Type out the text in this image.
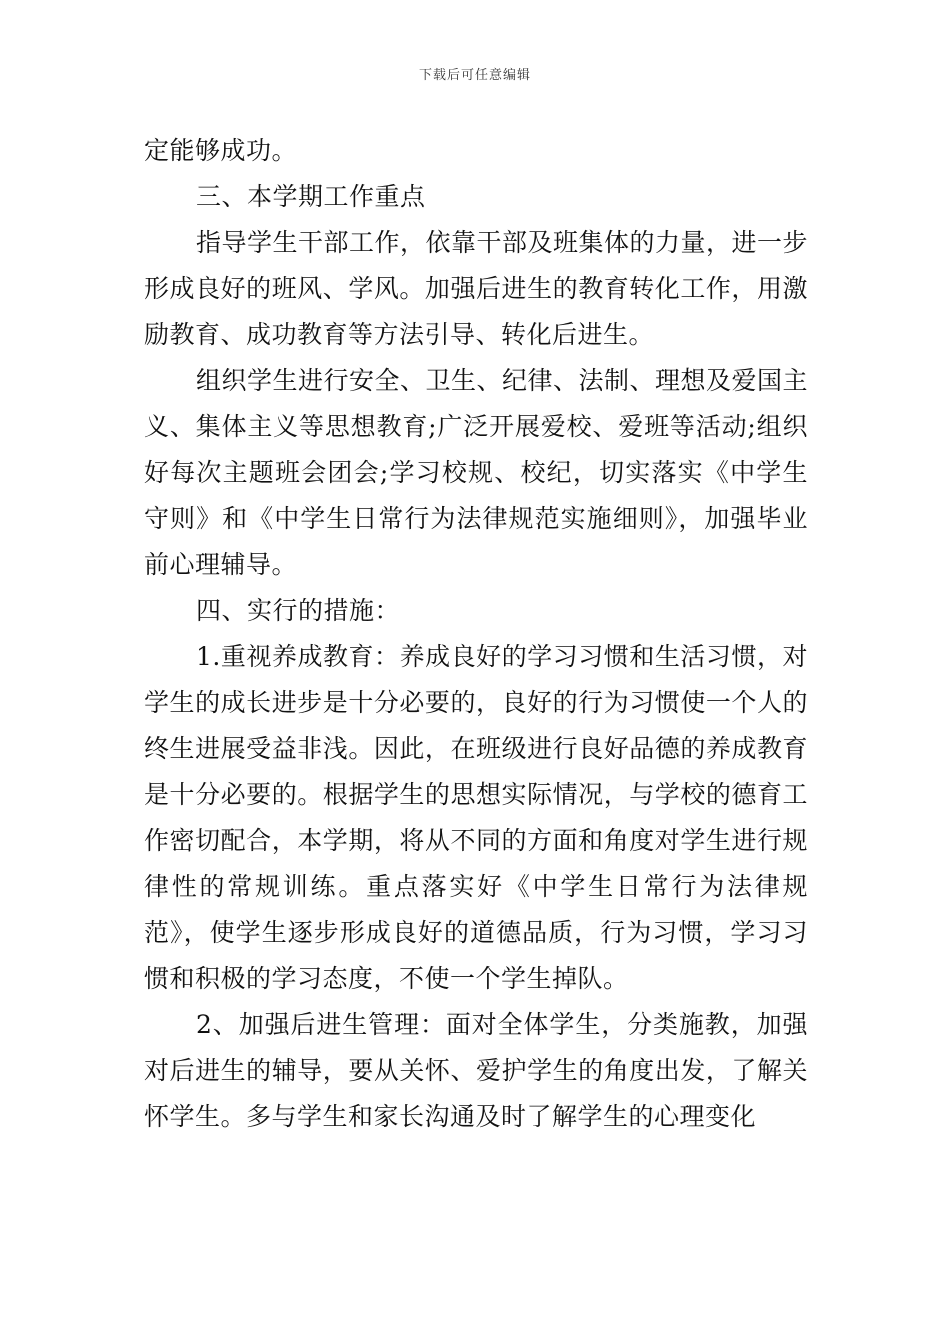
下载后可任意编辑

定能够成功。

三、本学期工作重点

指导学生干部工作，依靠干部及班集体的力量，进一步形成良好的班风、学风。加强后进生的教育转化工作，用激励教育、成功教育等方法引导、转化后进生。

组织学生进行安全、卫生、纪律、法制、理想及爱国主义、集体主义等思想教育;广泛开展爱校、爱班等活动;组织好每次主题班会团会;学习校规、校纪，切实落实《中学生守则》和《中学生日常行为法律规范实施细则》，加强毕业前心理辅导。

四、实行的措施：

1.重视养成教育：养成良好的学习习惯和生活习惯，对学生的成长进步是十分必要的，良好的行为习惯使一个人的终生进展受益非浅。因此，在班级进行良好品德的养成教育是十分必要的。根据学生的思想实际情况，与学校的德育工作密切配合，本学期，将从不同的方面和角度对学生进行规律性的常规训练。重点落实好《中学生日常行为法律规范》，使学生逐步形成良好的道德品质，行为习惯，学习习惯和积极的学习态度，不使一个学生掉队。

2、加强后进生管理：面对全体学生，分类施教，加强对后进生的辅导，要从关怀、爱护学生的角度出发，了解关怀学生。多与学生和家长沟通及时了解学生的心理变化
